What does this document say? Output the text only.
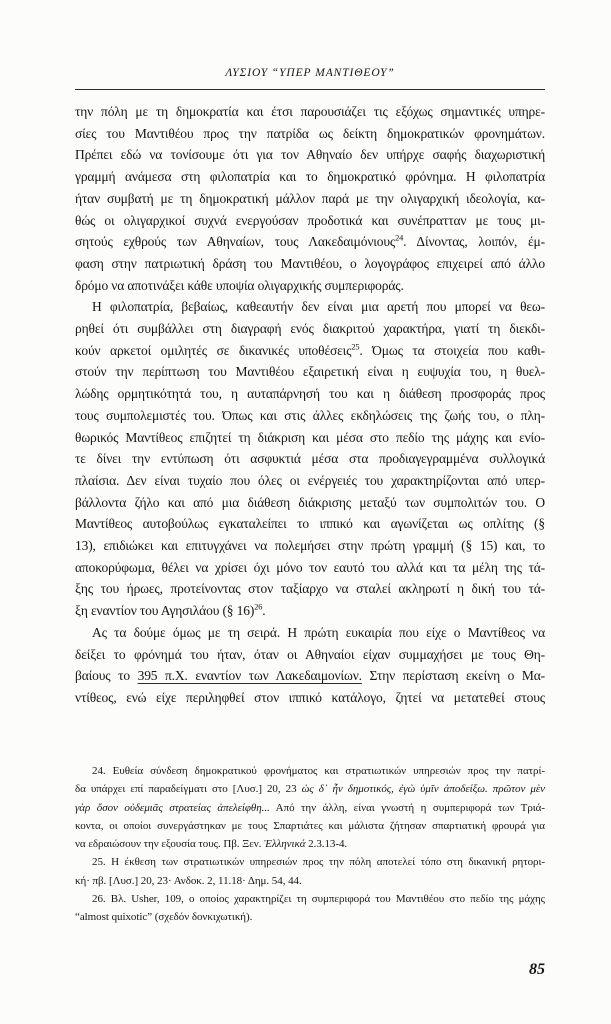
ΛΥΣΙΟΥ “ΥΠΕΡ ΜΑΝΤΙΘΕΟΥ”
την πόλη με τη δημοκρατία και έτσι παρουσιάζει τις εξόχως σημαντικές υπηρε-
σίες του Μαντιθέου προς την πατρίδα ως δείκτη δημοκρατικών φρονημάτων.
Πρέπει εδώ να τονίσουμε ότι για τον Αθηναίο δεν υπήρχε σαφής διαχωριστική
γραμμή ανάμεσα στη φιλοπατρία και το δημοκρατικό φρόνημα. Η φιλοπατρία
ήταν συμβατή με τη δημοκρατική μάλλον παρά με την ολιγαρχική ιδεολογία, κα-
θώς οι ολιγαρχικοί συχνά ενεργούσαν προδοτικά και συνέπρατταν με τους μι-
σητούς εχθρούς των Αθηναίων, τους Λακεδαιμόνιους$^{24}$. Δίνοντας, λοιπόν, έμ-
φαση στην πατριωτική δράση του Μαντιθέου, ο λογογράφος επιχειρεί από άλλο
δρόμο να αποτινάξει κάθε υποψία ολιγαρχικής συμπεριφοράς.
Η φιλοπατρία, βεβαίως, καθεαυτήν δεν είναι μια αρετή που μπορεί να θεω-
ρηθεί ότι συμβάλλει στη διαγραφή ενός διακριτού χαρακτήρα, γιατί τη διεκδι-
κούν αρκετοί ομιλητές σε δικανικές υποθέσεις$^{25}$. Όμως τα στοιχεία που καθι-
στούν την περίπτωση του Μαντιθέου εξαιρετική είναι η ευψυχία του, η θυελ-
λώδης ορμητικότητά του, η αυταπάρνησή του και η διάθεση προσφοράς προς
τους συμπολεμιστές του. Όπως και στις άλλες εκδηλώσεις της ζωής του, ο πλη-
θωρικός Μαντίθεος επιζητεί τη διάκριση και μέσα στο πεδίο της μάχης και ενίο-
τε δίνει την εντύπωση ότι ασφυκτιά μέσα στα προδιαγεγραμμένα συλλογικά
πλαίσια. Δεν είναι τυχαίο που όλες οι ενέργειές του χαρακτηρίζονται από υπερ-
βάλλοντα ζήλο και από μια διάθεση διάκρισης μεταξύ των συμπολιτών του. Ο
Μαντίθεος αυτοβούλως εγκαταλείπει το ιππικό και αγωνίζεται ως οπλίτης (§
13), επιδιώκει και επιτυγχάνει να πολεμήσει στην πρώτη γραμμή (§ 15) και, το
αποκορύφωμα, θέλει να χρίσει όχι μόνο τον εαυτό του αλλά και τα μέλη της τά-
ξης του ήρωες, προτείνοντας στον ταξίαρχο να σταλεί ακληρωτί η δική του τά-
ξη εναντίον του Αγησιλάου (§ 16)$^{26}$.
Ας τα δούμε όμως με τη σειρά. Η πρώτη ευκαιρία που είχε ο Μαντίθεος να
δείξει το φρόνημά του ήταν, όταν οι Αθηναίοι είχαν συμμαχήσει με τους Θη-
βαίους το 395 π.Χ. εναντίον των Λακεδαιμονίων. Στην περίσταση εκείνη ο Μα-
ντίθεος, ενώ είχε περιληφθεί στον ιππικό κατάλογο, ζητεί να μετατεθεί στους
24. Ευθεία σύνδεση δημοκρατικού φρονήματος και στρατιωτικών υπηρεσιών προς την πατρί-
δα υπάρχει επί παραδείγματι στο [Λυσ.] 20, 23 ὡς δ᾽ ἦν δημοτικός, ἐγὼ ὑμῖν ἀποδείξω. πρῶτον μὲν
γὰρ ὅσον οὐδεμιᾶς στρατείας ἀπελείφθη... Από την άλλη, είναι γνωστή η συμπεριφορά των Τριά-
κοντα, οι οποίοι συνεργάστηκαν με τους Σπαρτιάτες και μάλιστα ζήτησαν σπαρτιατική φρουρά για
να εδραιώσουν την εξουσία τους. Πβ. Ξεν. Ἑλληνικά 2.3.13-4.
25. Η έκθεση των στρατιωτικών υπηρεσιών προς την πόλη αποτελεί τόπο στη δικανική ρητορι-
κή· πβ. [Λυσ.] 20, 23· Ανδοκ. 2, 11.18· Δημ. 54, 44.
26. Βλ. Usher, 109, ο οποίος χαρακτηρίζει τη συμπεριφορά του Μαντιθέου στο πεδίο της μάχης
“almost quixotic” (σχεδόν δονκιχωτική).
85
